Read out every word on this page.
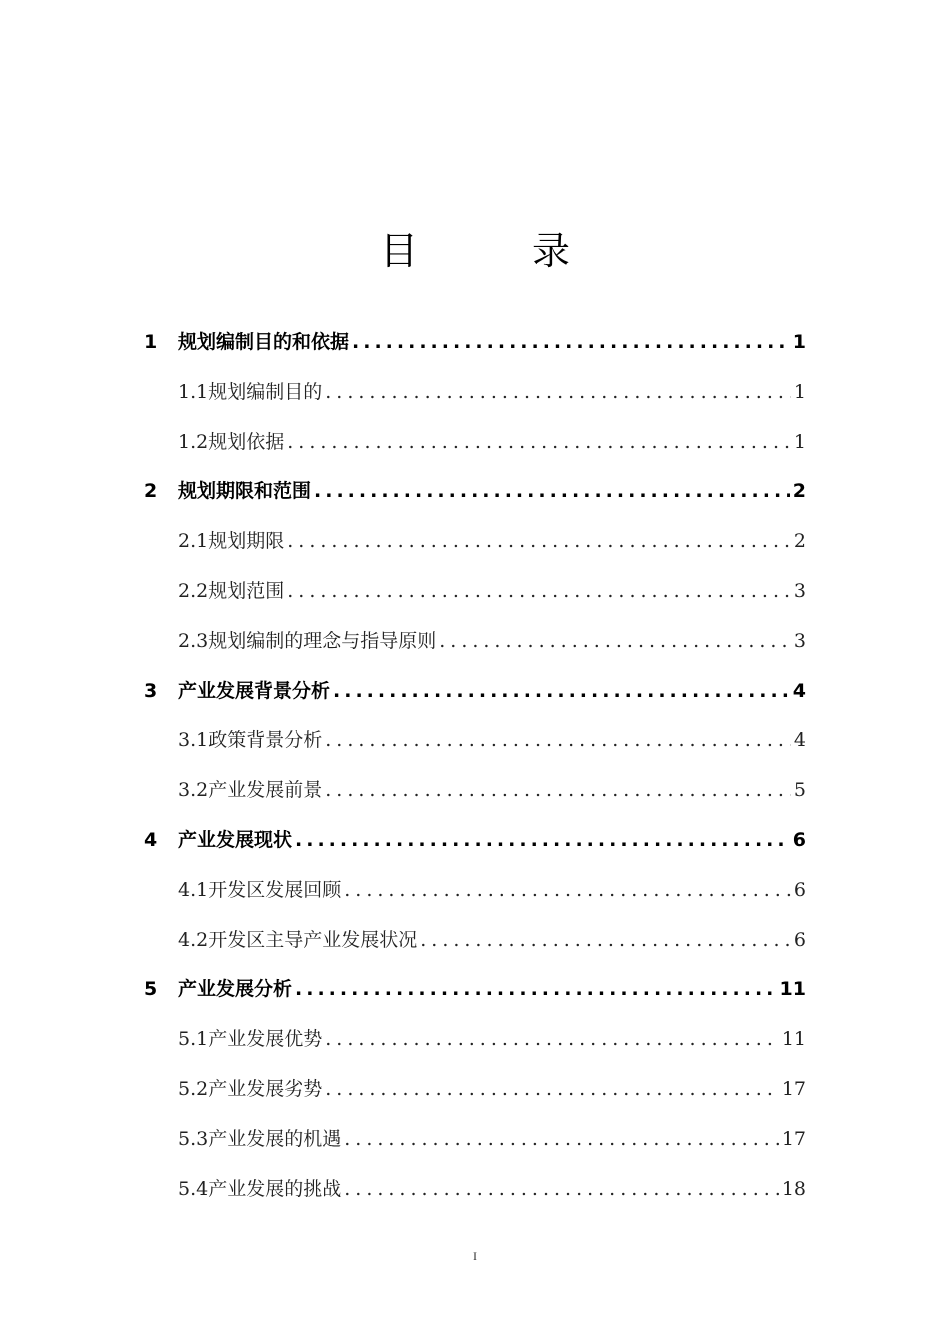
目　录
1	规划编制目的和依据 .....	1
1.1 规划编制目的 .....	1
1.2 规划依据 .....	1
2	规划期限和范围 .....	2
2.1 规划期限 .....	2
2.2 规划范围 .....	3
2.3 规划编制的理念与指导原则 .....	3
3	产业发展背景分析 .....	4
3.1 政策背景分析 .....	4
3.2 产业发展前景 .....	5
4	产业发展现状 .....	6
4.1 开发区发展回顾 .....	6
4.2 开发区主导产业发展状况 .....	6
5	产业发展分析 .....	11
5.1 产业发展优势 .....	11
5.2 产业发展劣势 .....	17
5.3 产业发展的机遇 .....	17
5.4 产业发展的挑战 .....	18
I
